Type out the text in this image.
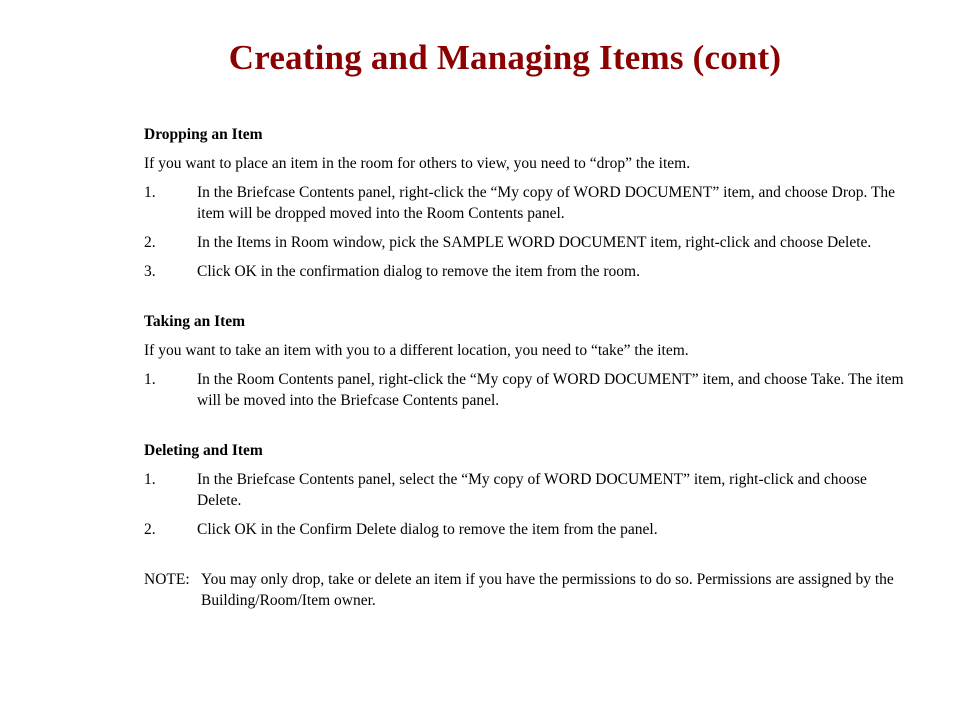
Creating and Managing Items (cont)
Dropping an Item
If you want to place an item in the room for others to view, you need to “drop” the item.
1.	In the Briefcase Contents panel, right-click the “My copy of WORD DOCUMENT” item, and choose Drop. The item will be dropped moved into the Room Contents panel.
2.	In the Items in Room window, pick the SAMPLE WORD DOCUMENT item, right-click and choose Delete.
3.	Click OK in the confirmation dialog to remove the item from the room.
Taking an Item
If you want to take an item with you to a different location, you need to “take” the item.
1.	In the Room Contents panel, right-click the “My copy of WORD DOCUMENT” item, and choose Take. The item will be moved into the Briefcase Contents panel.
Deleting and Item
1.	In the Briefcase Contents panel, select the “My copy of WORD DOCUMENT” item, right-click and choose Delete.
2.	Click OK in the Confirm Delete dialog to remove the item from the panel.
NOTE: You may only drop, take or delete an item if you have the permissions to do so. Permissions are assigned by the Building/Room/Item owner.
